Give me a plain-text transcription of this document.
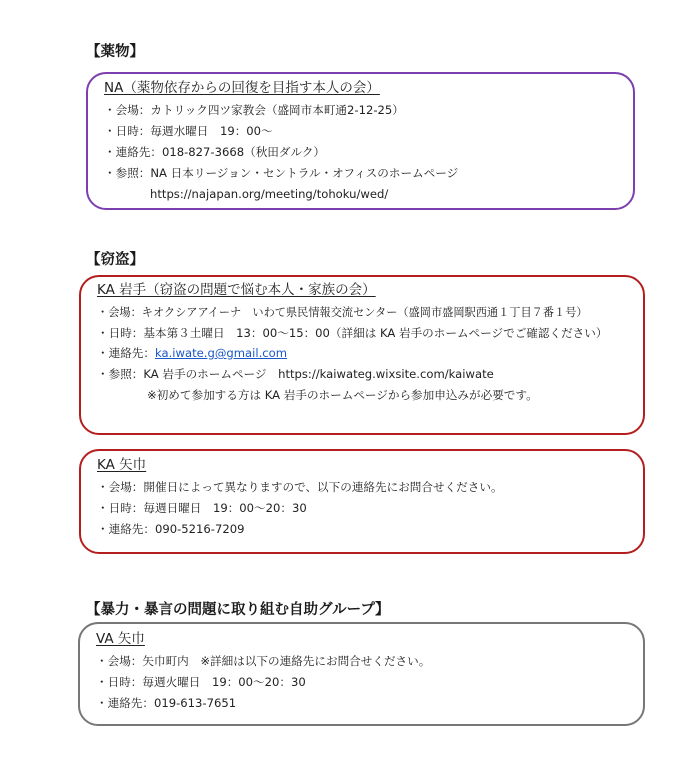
【薬物】
NA（薬物依存からの回復を目指す本人の会）
・会場：カトリック四ツ家教会（盛岡市本町通2-12-25）
・日時：毎週水曜日　19：00〜
・連絡先：018-827-3668（秋田ダルク）
・参照：NA 日本リージョン・セントラル・オフィスのホームページ
https://najapan.org/meeting/tohoku/wed/
【窃盗】
KA 岩手（窃盗の問題で悩む本人・家族の会）
・会場：キオクシアアイーナ　いわて県民情報交流センター（盛岡市盛岡駅西通１丁目７番１号）
・日時：基本第３土曜日　13：00〜15：00（詳細は KA 岩手のホームページでご確認ください）
・連絡先：ka.iwate.g@gmail.com
・参照：KA 岩手のホームページ　https://kaiwateg.wixsite.com/kaiwate
※初めて参加する方は KA 岩手のホームページから参加申込みが必要です。
KA 矢巾
・会場：開催日によって異なりますので、以下の連絡先にお問合せください。
・日時：毎週日曜日　19：00〜20：30
・連絡先：090-5216-7209
【暴力・暴言の問題に取り組む自助グループ】
VA 矢巾
・会場：矢巾町内　※詳細は以下の連絡先にお問合せください。
・日時：毎週火曜日　19：00〜20：30
・連絡先：019-613-7651
